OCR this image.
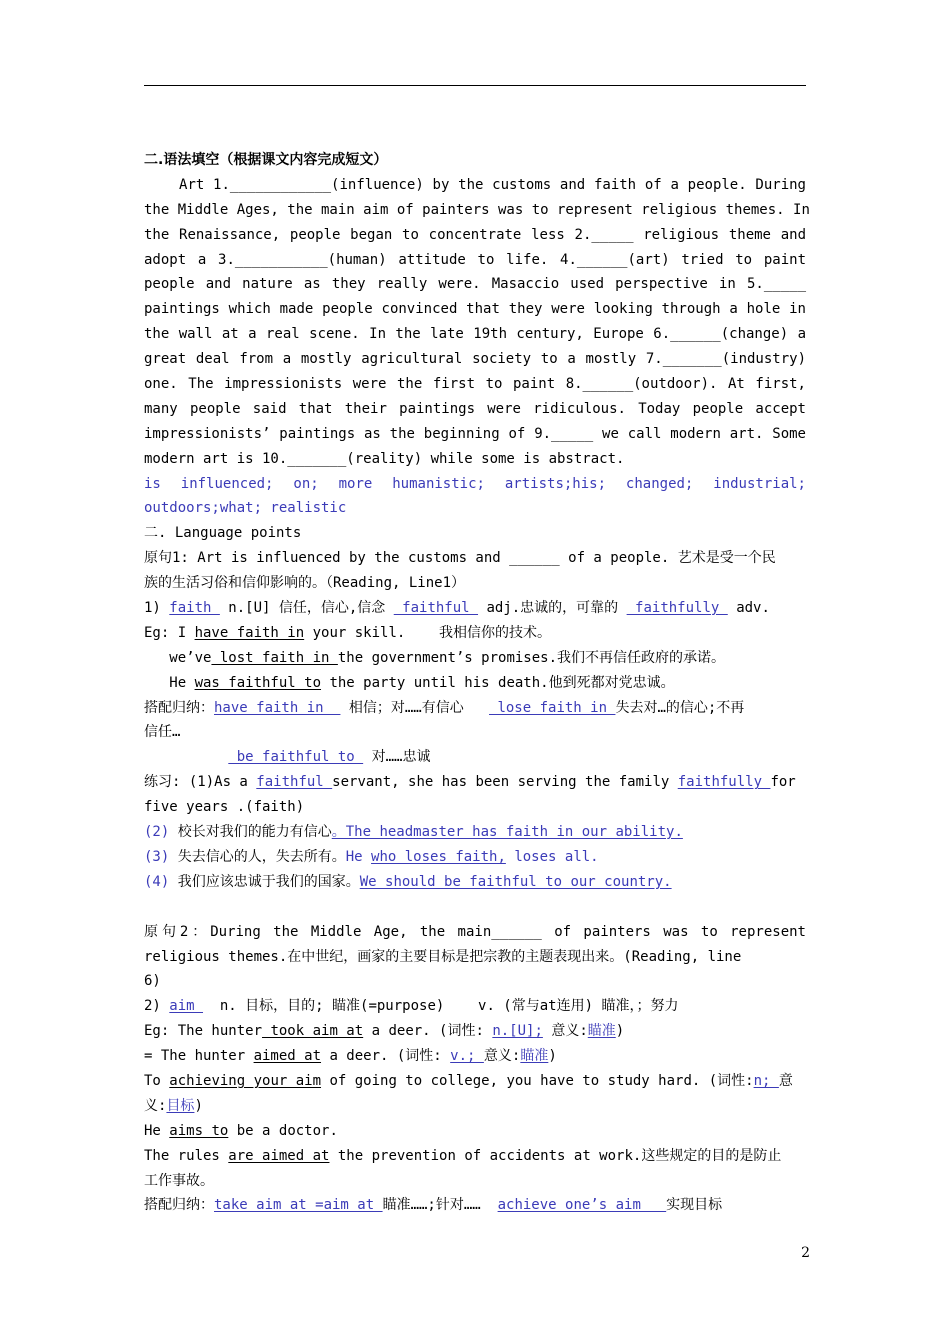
二.语法填空（根据课文内容完成短文）
Art 1.____________(influence) by the customs and faith of a people. During
the Middle Ages, the main aim of painters was to represent religious themes. In
the Renaissance, people began to concentrate less 2._____ religious theme and
adopt a 3.___________(human) attitude to life. 4.______(art) tried to paint
people and nature as they really were. Masaccio used perspective in 5._____
paintings which made people convinced that they were looking through a hole in
the wall at a real scene. In the late 19th century, Europe 6.______(change) a
great deal from a mostly agricultural society to a mostly 7._______(industry)
one. The impressionists were the first to paint 8.______(outdoor). At first,
many people said that their paintings were ridiculous. Today people accept
impressionists’ paintings as the beginning of 9._____ we call modern art. Some
modern art is 10._______(reality) while some is abstract.
is influenced; on; more humanistic; artists;his; changed; industrial;
outdoors;what; realistic
二. Language points
原句1: Art is influenced by the customs and ______ of a people. 艺术是受一个民
族的生活习俗和信仰影响的。（Reading, Line1）
1) faith  n.[U] 信任，信心,信念  faithful  adj.忠诚的，可靠的  faithfully  adv.
Eg: I have faith in your skill.    我相信你的技术。
we’ve lost faith in the government’s promises.我们不再信任政府的承诺。
He was faithful to the party until his death.他到死都对党忠诚。
搭配归纳：have faith in   相信；对……有信心    lose faith in 失去对…的信心;不再
信任…
be faithful to  对……忠诚
练习: (1)As a faithful servant, she has been serving the family faithfully for
five years .(faith)
(2) 校长对我们的能力有信心。The headmaster has faith in our ability.
(3) 失去信心的人，失去所有。He who loses faith, loses all.
(4) 我们应该忠诚于我们的国家。We should be faithful to our country.
原句2：During the Middle Age, the main______ of painters was to represent
religious themes.在中世纪，画家的主要目标是把宗教的主题表现出来。(Reading, line
6)
2) aim   n. 目标，目的; 瞄准(=purpose)    v. (常与at连用) 瞄准，；努力
Eg: The hunter took aim at a deer. (词性: n.[U]; 意义:瞄准)
= The hunter aimed at a deer. (词性: v.; 意义:瞄准)
To achieving your aim of going to college, you have to study hard. (词性:n; 意
义:目标)
He aims to be a doctor.
The rules are aimed at the prevention of accidents at work.这些规定的目的是防止
工作事故。
搭配归纳：take aim at =aim at 瞄准……;针对……  achieve one’s aim   实现目标
2
